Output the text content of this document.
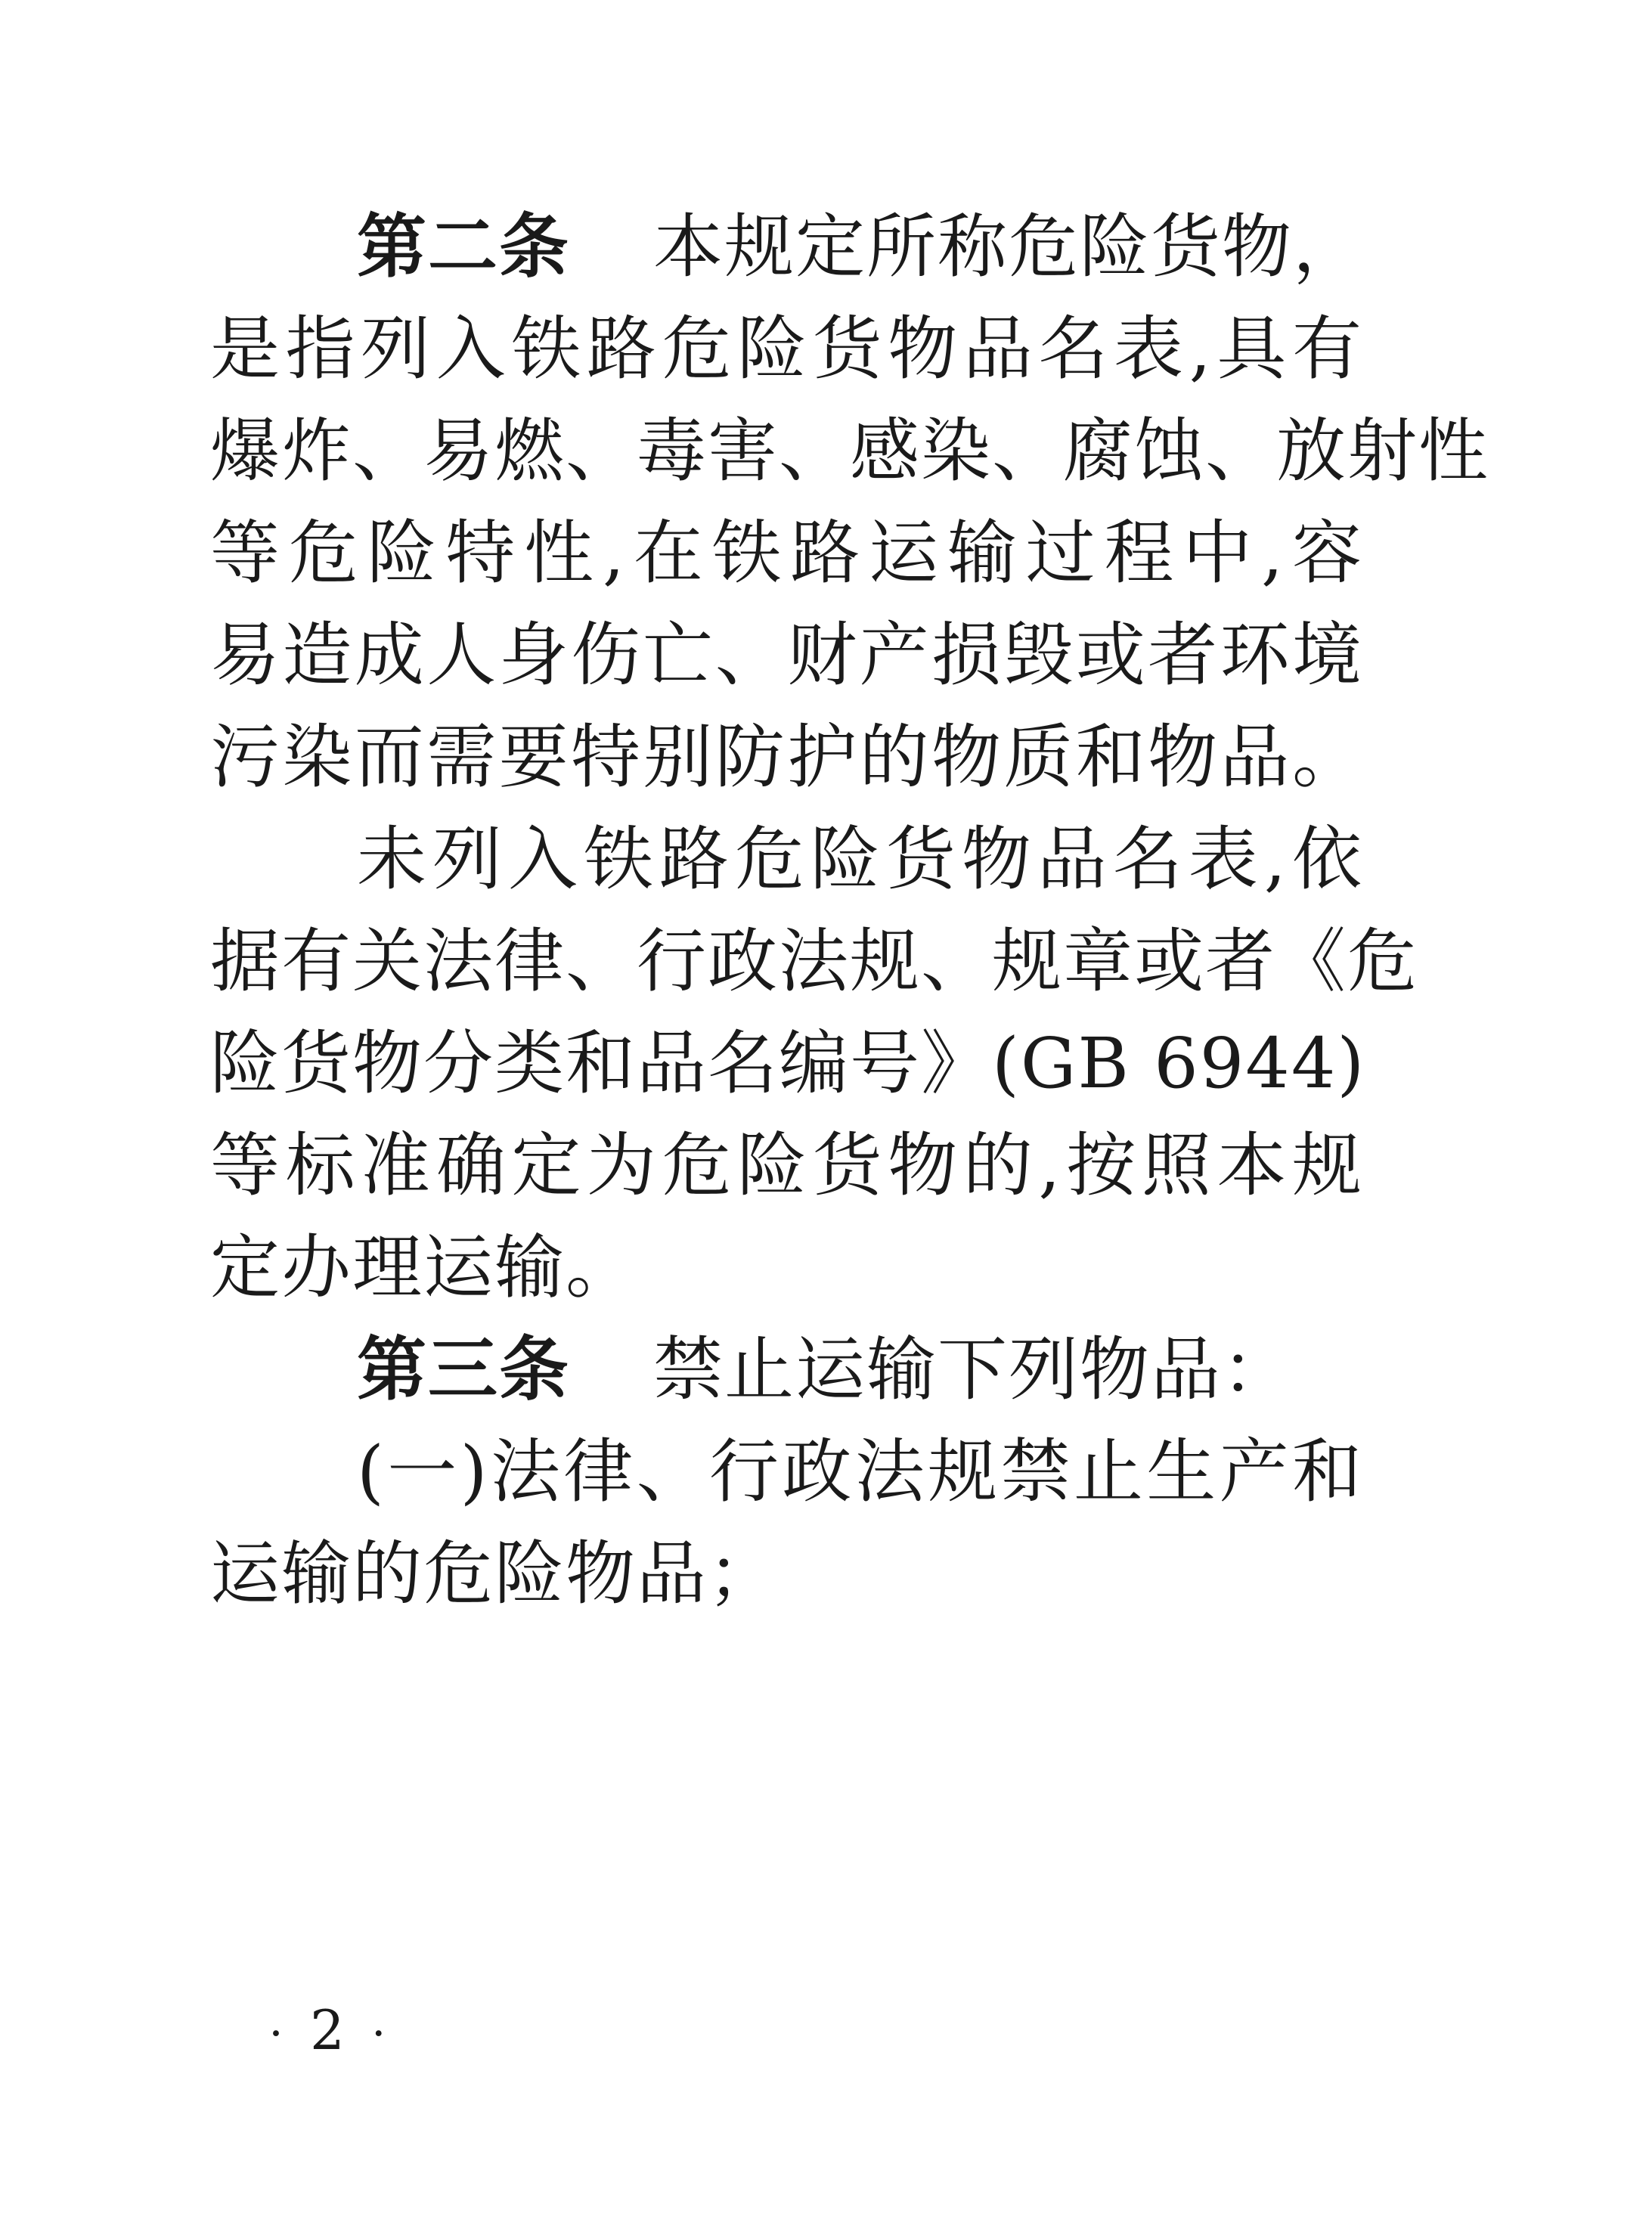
第二条 本规定所称危险货物，
是指列入铁路危险货物品名表,具有
爆炸、易燃、毒害、感染、腐蚀、放射性
等危险特性,在铁路运输过程中,容
易造成人身伤亡、财产损毁或者环境
污染而需要特别防护的物质和物品。
未列入铁路危险货物品名表,依
据有关法律、行政法规、规章或者《危
险货物分类和品名编号》(GB 6944)
等标准确定为危险货物的,按照本规
定办理运输。
第三条 禁止运输下列物品：
(一)法律、行政法规禁止生产和
运输的危险物品；
· 2 ·
